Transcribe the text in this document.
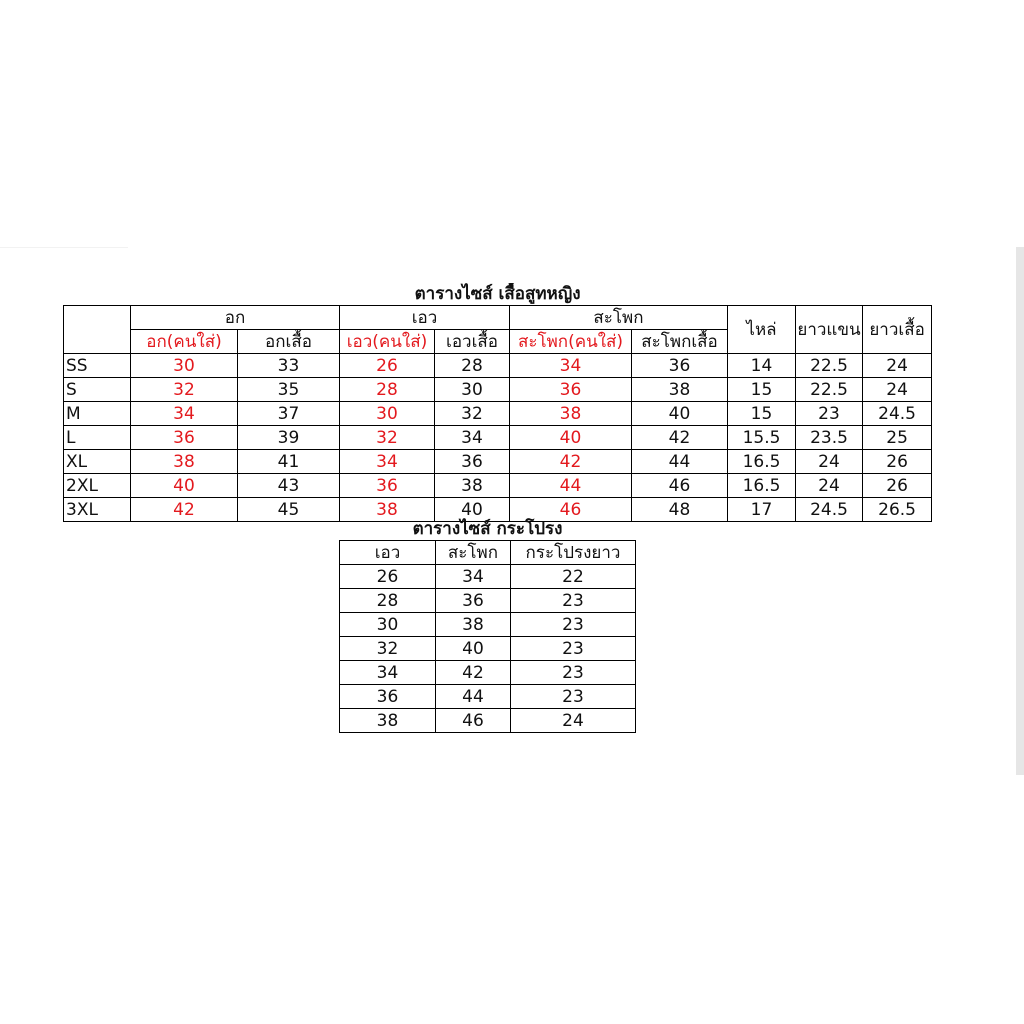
ตารางไซส์ เสื้อสูทหญิง									
	อก		เอว		สะโพก		ไหล่	ยาวแขน	ยาวเสื้อ
	อก(คนใส่)	อกเสื้อ	เอว(คนใส่)	เอวเสื้อ	สะโพก(คนใส่)	สะโพกเสื้อ			
SS	30	33	26	28	34	36	14	22.5	24
S	32	35	28	30	36	38	15	22.5	24
M	34	37	30	32	38	40	15	23	24.5
L	36	39	32	34	40	42	15.5	23.5	25
XL	38	41	34	36	42	44	16.5	24	26
2XL	40	43	36	38	44	46	16.5	24	26
3XL	42	45	38	40	46	48	17	24.5	26.5
ตารางไซส์ กระโปรง		
เอว	สะโพก	กระโปรงยาว
26	34	22
28	36	23
30	38	23
32	40	23
34	42	23
36	44	23
38	46	24
